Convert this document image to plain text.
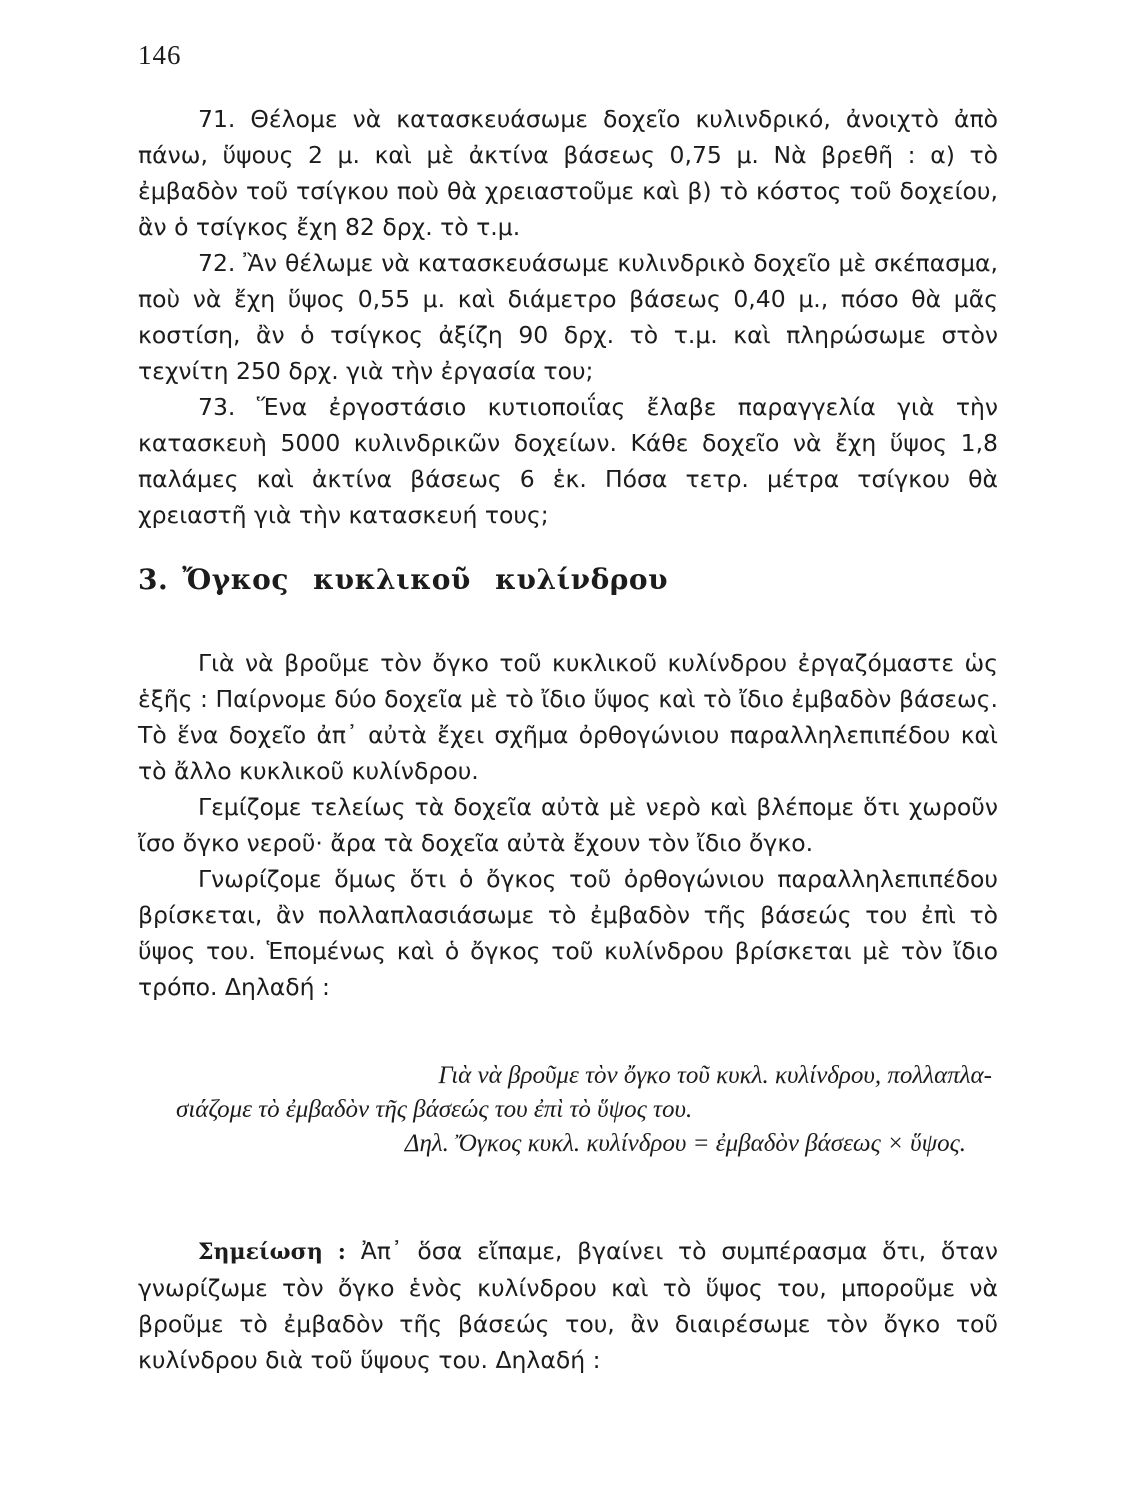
146

71. Θέλομε νὰ κατασκευάσωμε δοχεῖο κυλινδρικό, ἀνοιχτὸ ἀπὸ πάνω, ὕψους 2 μ. καὶ μὲ ἀκτίνα βάσεως 0,75 μ. Νὰ βρεθῆ : α) τὸ ἐμβαδὸν τοῦ τσίγκου ποὺ θὰ χρειαστοῦμε καὶ β) τὸ κόστος τοῦ δοχείου, ἂν ὁ τσίγκος ἔχη 82 δρχ. τὸ τ.μ.

72. Ἂν θέλωμε νὰ κατασκευάσωμε κυλινδρικὸ δοχεῖο μὲ σκέπασμα, ποὺ νὰ ἔχη ὕψος 0,55 μ. καὶ διάμετρο βάσεως 0,40 μ., πόσο θὰ μᾶς κοστίση, ἂν ὁ τσίγκος ἀξίζη 90 δρχ. τὸ τ.μ. καὶ πληρώσωμε στὸν τεχνίτη 250 δρχ. γιὰ τὴν ἐργασία του;

73. Ἕνα ἐργοστάσιο κυτιοποιΐας ἔλαβε παραγγελία γιὰ τὴν κατασκευὴ 5000 κυλινδρικῶν δοχείων. Κάθε δοχεῖο νὰ ἔχη ὕψος 1,8 παλάμες καὶ ἀκτίνα βάσεως 6 ἑκ. Πόσα τετρ. μέτρα τσίγκου θὰ χρειαστῆ γιὰ τὴν κατασκευή τους;

3. Ὄγκος κυκλικοῦ κυλίνδρου

Γιὰ νὰ βροῦμε τὸν ὄγκο τοῦ κυκλικοῦ κυλίνδρου ἐργαζόμαστε ὡς ἑξῆς : Παίρνομε δύο δοχεῖα μὲ τὸ ἴδιο ὕψος καὶ τὸ ἴδιο ἐμβαδὸν βάσεως. Τὸ ἕνα δοχεῖο ἀπ᾽ αὐτὰ ἔχει σχῆμα ὀρθογώνιου παραλληλεπιπέδου καὶ τὸ ἄλλο κυκλικοῦ κυλίνδρου.

Γεμίζομε τελείως τὰ δοχεῖα αὐτὰ μὲ νερὸ καὶ βλέπομε ὅτι χωροῦν ἴσο ὄγκο νεροῦ· ἄρα τὰ δοχεῖα αὐτὰ ἔχουν τὸν ἴδιο ὄγκο.

Γνωρίζομε ὅμως ὅτι ὁ ὄγκος τοῦ ὀρθογώνιου παραλληλεπιπέδου βρίσκεται, ἂν πολλαπλασιάσωμε τὸ ἐμβαδὸν τῆς βάσεώς του ἐπὶ τὸ ὕψος του. Ἑπομένως καὶ ὁ ὄγκος τοῦ κυλίνδρου βρίσκεται μὲ τὸν ἴδιο τρόπο. Δηλαδή :

Γιὰ νὰ βροῦμε τὸν ὄγκο τοῦ κυκλ. κυλίνδρου, πολλαπλα-
σιάζομε τὸ ἐμβαδὸν τῆς βάσεώς του ἐπὶ τὸ ὕψος του.
Δηλ. Ὄγκος κυκλ. κυλίνδρου = ἐμβαδὸν βάσεως × ὕψος.

Σημείωση : Ἀπ᾽ ὅσα εἴπαμε, βγαίνει τὸ συμπέρασμα ὅτι, ὅταν γνωρίζωμε τὸν ὄγκο ἑνὸς κυλίνδρου καὶ τὸ ὕψος του, μποροῦμε νὰ βροῦμε τὸ ἐμβαδὸν τῆς βάσεώς του, ἂν διαιρέσωμε τὸν ὄγκο τοῦ κυλίνδρου διὰ τοῦ ὕψους του. Δηλαδή :
